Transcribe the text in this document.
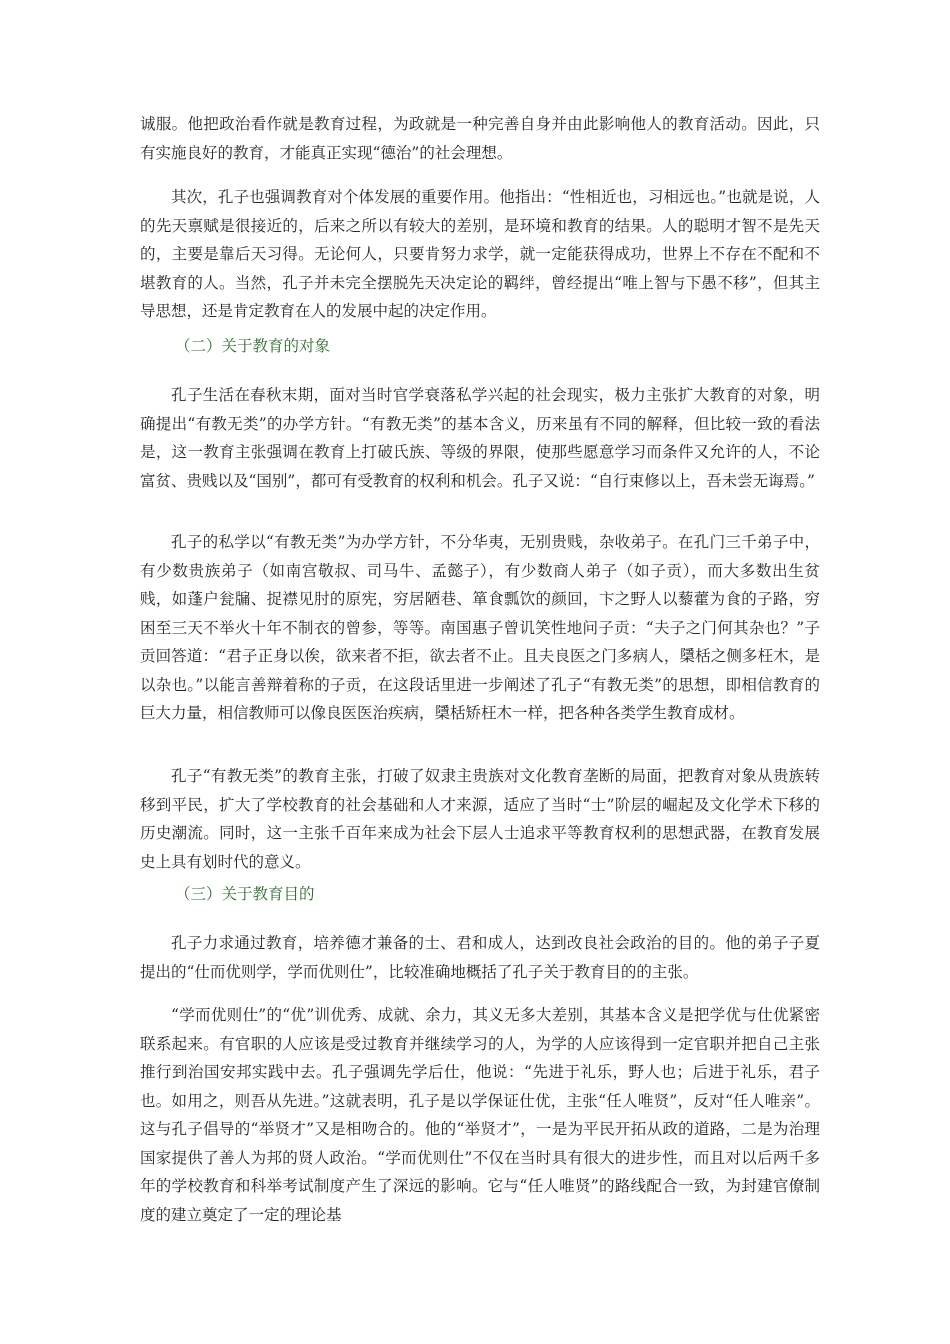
诚服。他把政治看作就是教育过程，为政就是一种完善自身并由此影响他人的教育活动。因此，只有实施良好的教育，才能真正实现“德治”的社会理想。

其次，孔子也强调教育对个体发展的重要作用。他指出：“性相近也，习相远也。”也就是说，人的先天禀赋是很接近的，后来之所以有较大的差别，是环境和教育的结果。人的聪明才智不是先天的，主要是靠后天习得。无论何人，只要肯努力求学，就一定能获得成功，世界上不存在不配和不堪教育的人。当然，孔子并未完全摆脱先天决定论的羁绊，曾经提出“唯上智与下愚不移”，但其主导思想，还是肯定教育在人的发展中起的决定作用。

（二）关于教育的对象

孔子生活在春秋末期，面对当时官学衰落私学兴起的社会现实，极力主张扩大教育的对象，明确提出“有教无类”的办学方针。“有教无类”的基本含义，历来虽有不同的解释，但比较一致的看法是，这一教育主张强调在教育上打破氏族、等级的界限，使那些愿意学习而条件又允许的人，不论富贫、贵贱以及“国别”，都可有受教育的权利和机会。孔子又说：“自行束修以上，吾未尝无诲焉。”

孔子的私学以“有教无类”为办学方针，不分华夷，无别贵贱，杂收弟子。在孔门三千弟子中，有少数贵族弟子（如南宫敬叔、司马牛、孟懿子），有少数商人弟子（如子贡），而大多数出生贫贱，如蓬户瓮牖、捉襟见肘的原宪，穷居陋巷、箪食瓢饮的颜回，卞之野人以藜藿为食的子路，穷困至三天不举火十年不制衣的曾参，等等。南国惠子曾讥笑性地问子贡：“夫子之门何其杂也？”子贡回答道：“君子正身以俟，欲来者不拒，欲去者不止。且夫良医之门多病人，檃栝之侧多枉木，是以杂也。”以能言善辩着称的子贡，在这段话里进一步阐述了孔子“有教无类”的思想，即相信教育的巨大力量，相信教师可以像良医医治疾病，檃栝矫枉木一样，把各种各类学生教育成材。

孔子“有教无类”的教育主张，打破了奴隶主贵族对文化教育垄断的局面，把教育对象从贵族转移到平民，扩大了学校教育的社会基础和人才来源，适应了当时“士”阶层的崛起及文化学术下移的历史潮流。同时，这一主张千百年来成为社会下层人士追求平等教育权利的思想武器，在教育发展史上具有划时代的意义。

（三）关于教育目的

孔子力求通过教育，培养德才兼备的士、君和成人，达到改良社会政治的目的。他的弟子子夏提出的“仕而优则学，学而优则仕”，比较准确地概括了孔子关于教育目的的主张。

“学而优则仕”的“优”训优秀、成就、余力，其义无多大差别，其基本含义是把学优与仕优紧密联系起来。有官职的人应该是受过教育并继续学习的人，为学的人应该得到一定官职并把自己主张推行到治国安邦实践中去。孔子强调先学后仕，他说：“先进于礼乐，野人也；后进于礼乐，君子也。如用之，则吾从先进。”这就表明，孔子是以学保证仕优，主张“任人唯贤”，反对“任人唯亲”。这与孔子倡导的“举贤才”又是相吻合的。他的“举贤才”，一是为平民开拓从政的道路，二是为治理国家提供了善人为邦的贤人政治。“学而优则仕”不仅在当时具有很大的进步性，而且对以后两千多年的学校教育和科举考试制度产生了深远的影响。它与“任人唯贤”的路线配合一致，为封建官僚制度的建立奠定了一定的理论基
